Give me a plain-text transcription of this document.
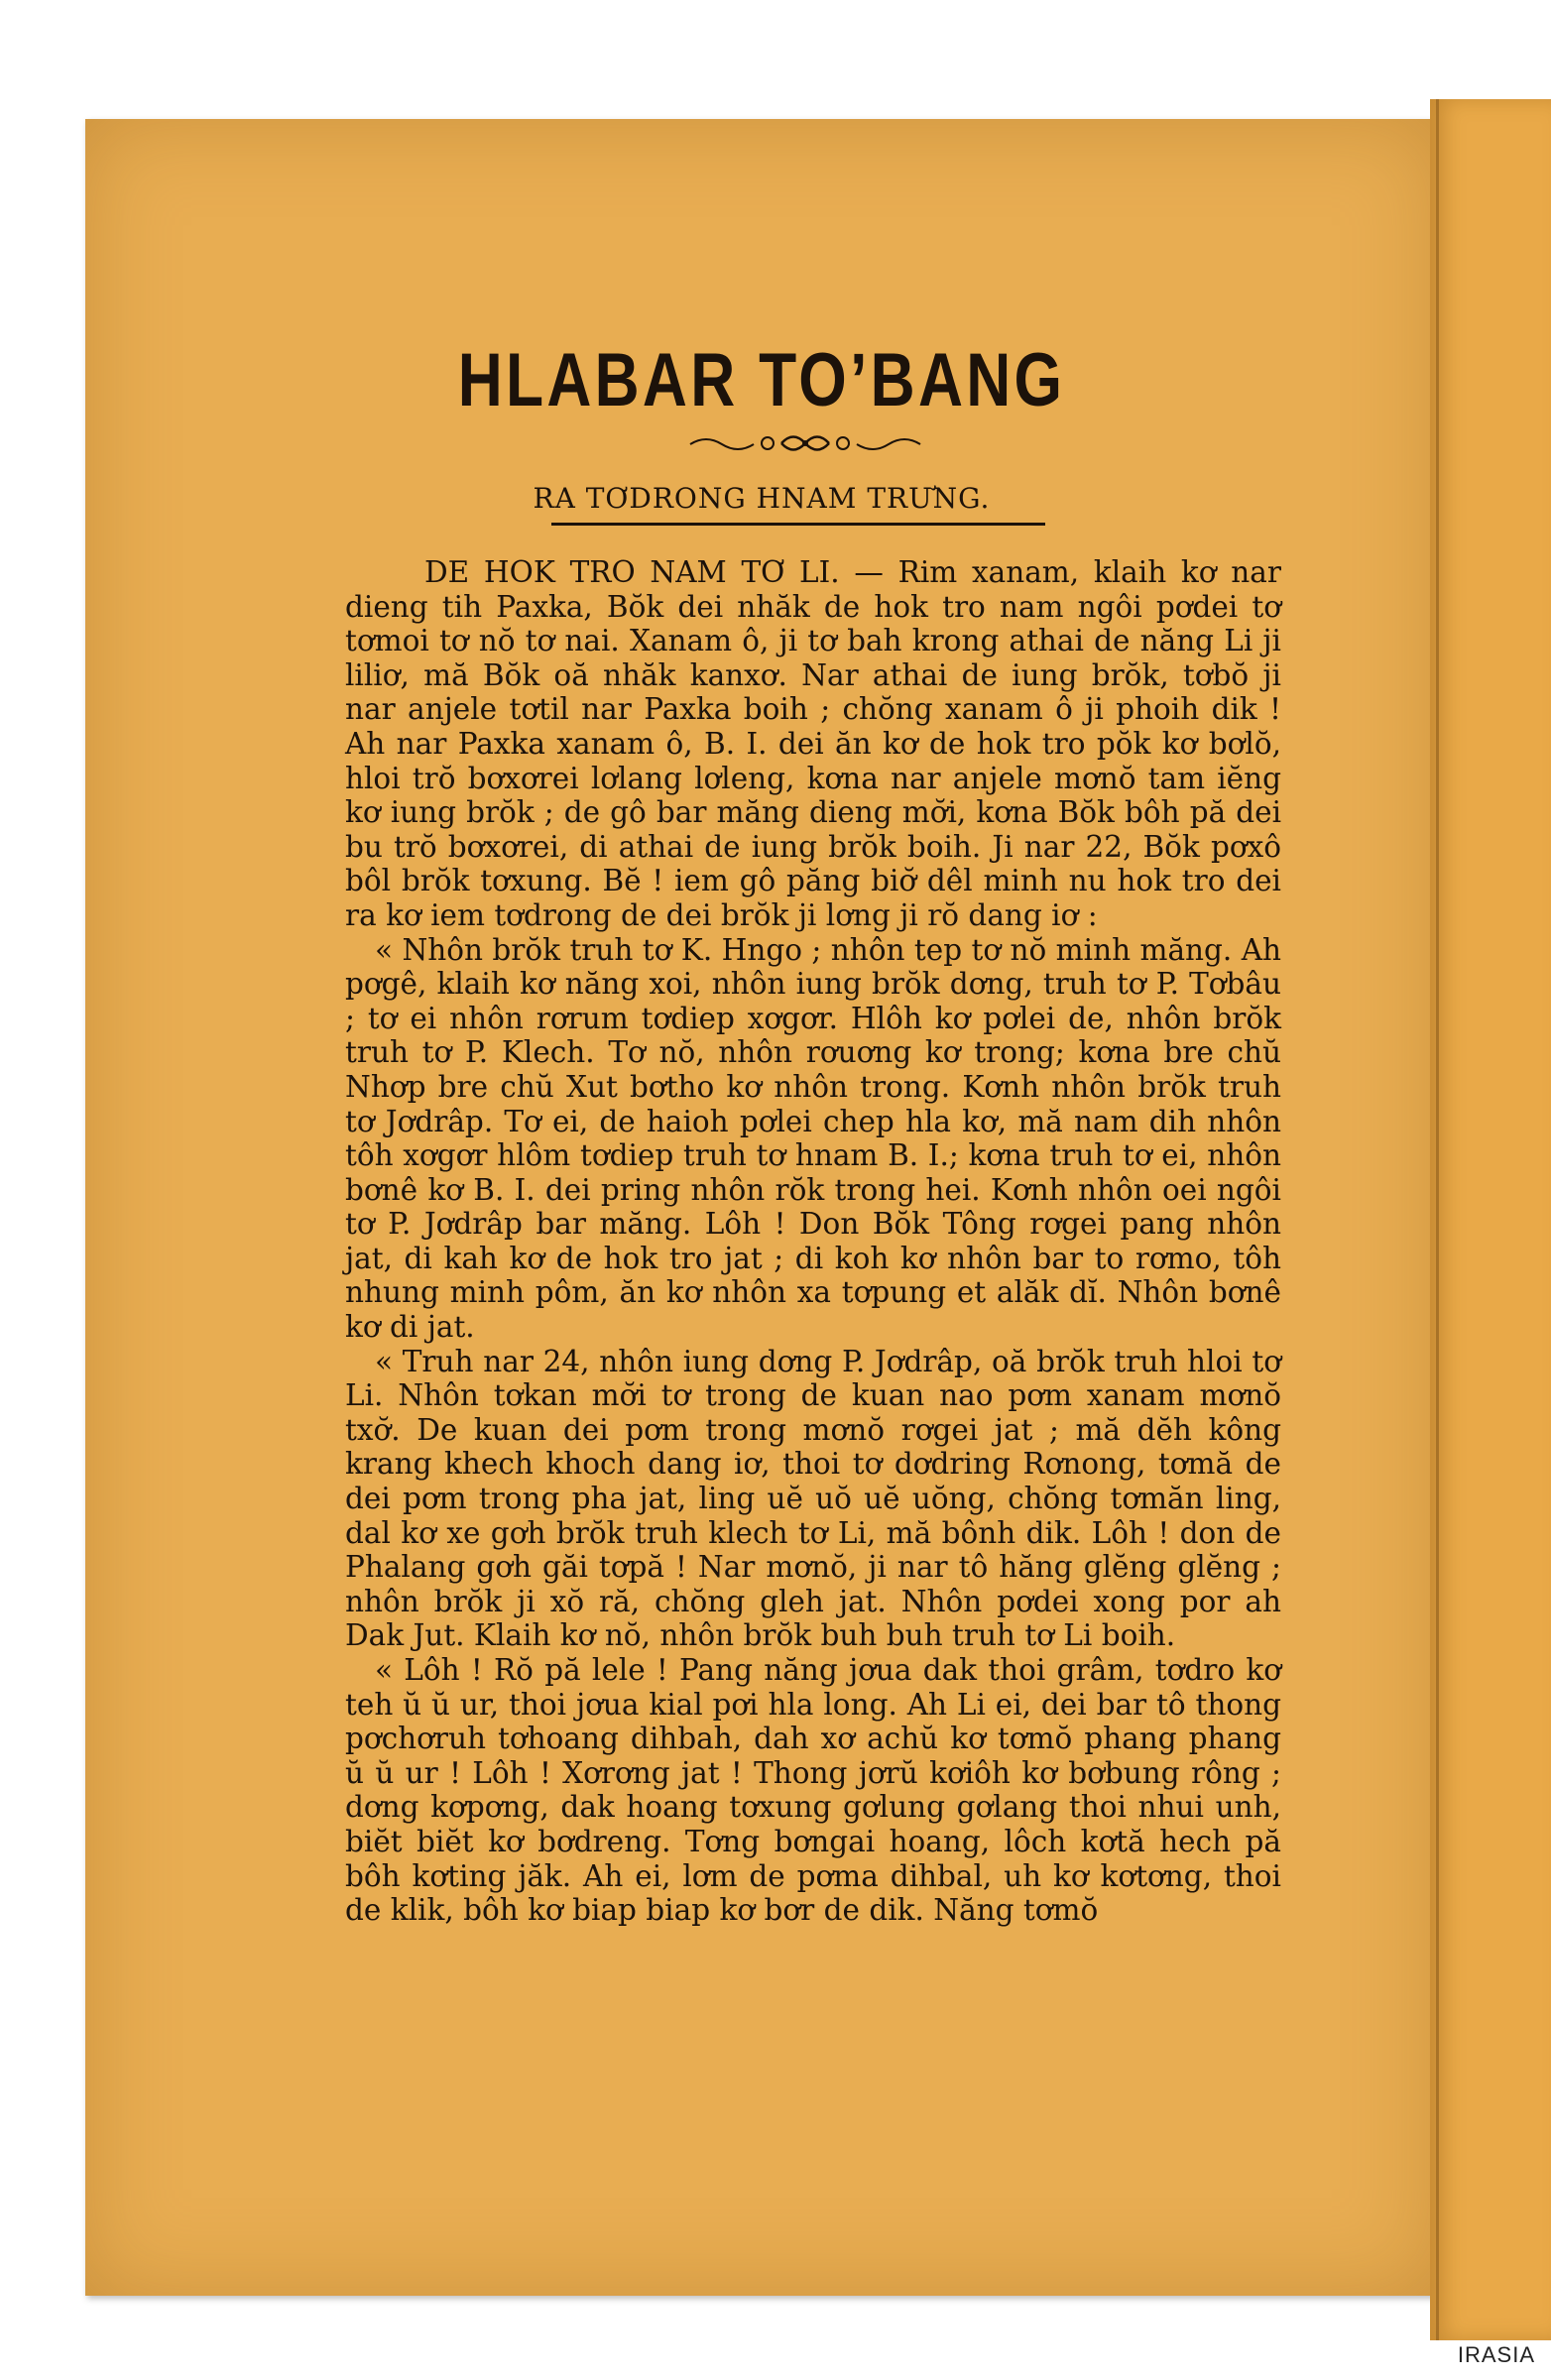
HLABAR TO’BANG
RA TƠDRONG HNAM TRƯNG.

DE HOK TRO NAM TƠ LI. — Rim xanam, klaih kơ nar dieng tih Paxka, Bŏk dei nhăk de hok tro nam ngôi pơdei tơ tơmoi tơ nŏ tơ nai. Xanam ô, ji tơ bah krong athai de năng Li ji liliơ, mă Bŏk oă nhăk kanxơ. Nar athai de iung brŏk, tơbŏ ji nar anjele tơtil nar Paxka boih ; chŏng xanam ô ji phoih dik ! Ah nar Paxka xanam ô, B. I. dei ăn kơ de hok tro pŏk kơ bơlŏ, hloi trŏ bơxơrei lơlang lơleng, kơna nar anjele mơnŏ tam iĕng kơ iung brŏk ; de gô bar măng dieng mơ̆i, kơna Bŏk bôh pă dei bu trŏ bơxơrei, di athai de iung brŏk boih. Ji nar 22, Bŏk pơxô bôl brŏk tơxung. Bĕ ! iem gô păng biơ̆ dêl minh nu hok tro dei ra kơ iem tơdrong de dei brŏk ji lơng ji rŏ dang iơ :

« Nhôn brŏk truh tơ K. Hngo ; nhôn tep tơ nŏ minh măng. Ah pơgê, klaih kơ năng xoi, nhôn iung brŏk dơng, truh tơ P. Tơbâu ; tơ ei nhôn rơrum tơdiep xơgơr. Hlôh kơ pơlei de, nhôn brŏk truh tơ P. Klech. Tơ nŏ, nhôn rơuơng kơ trong; kơna bre chŭ Nhơp bre chŭ Xut bơtho kơ nhôn trong. Kơnh nhôn brŏk truh tơ Jơdrâp. Tơ ei, de haioh pơlei chep hla kơ, mă nam dih nhôn tôh xơgơr hlôm tơdiep truh tơ hnam B. I.; kơna truh tơ ei, nhôn bơnê kơ B. I. dei pring nhôn rŏk trong hei. Kơnh nhôn oei ngôi tơ P. Jơdrâp bar măng. Lôh ! Don Bŏk Tông rơgei pang nhôn jat, di kah kơ de hok tro jat ; di koh kơ nhôn bar to rơmo, tôh nhung minh pôm, ăn kơ nhôn xa tơpung et alăk dĭ. Nhôn bơnê kơ di jat.

« Truh nar 24, nhôn iung dơng P. Jơdrâp, oă brŏk truh hloi tơ Li. Nhôn tơkan mơ̆i tơ trong de kuan nao pơm xanam mơnŏ txơ̆. De kuan dei pơm trong mơnŏ rơgei jat ; mă dĕh kông krang khech khoch dang iơ, thoi tơ dơdring Rơnong, tơmă de dei pơm trong pha jat, ling uĕ uŏ uĕ uŏng, chŏng tơmăn ling, dal kơ xe gơh brŏk truh klech tơ Li, mă bônh dik. Lôh ! don de Phalang gơh găi tơpă ! Nar mơnŏ, ji nar tô hăng glĕng glĕng ; nhôn brŏk ji xŏ ră, chŏng gleh jat. Nhôn pơdei xong por ah Dak Jut. Klaih kơ nŏ, nhôn brŏk buh buh truh tơ Li boih.

« Lôh ! Rŏ pă lele ! Pang năng jơua dak thoi grâm, tơdro kơ teh ŭ ŭ ur, thoi jơua kial pơi hla long. Ah Li ei, dei bar tô thong pơchơruh tơhoang dihbah, dah xơ achŭ kơ tơmŏ phang phang ŭ ŭ ur ! Lôh ! Xơrơng jat ! Thong jơrŭ kơiôh kơ bơbung rông ; dơng kơpơng, dak hoang tơxung gơlung gơlang thoi nhui unh, biĕt biĕt kơ bơdreng. Tơng bơngai hoang, lôch kơtă hech pă bôh kơting jăk. Ah ei, lơm de pơma dihbal, uh kơ kơtơng, thoi de klik, bôh kơ biap biap kơ bơr de dik. Năng tơmŏ

IRASIA
